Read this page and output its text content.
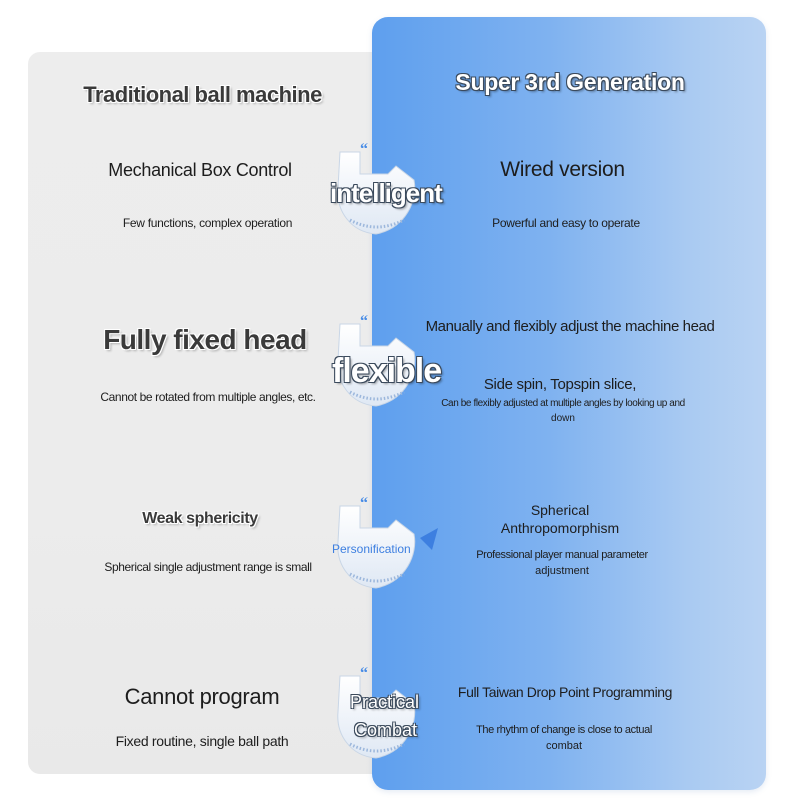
Traditional ball machine	Super 3rd Generation
Mechanical Box Control
Few functions, complex operation
Wired version
Powerful and easy to operate
Fully fixed head
Cannot be rotated from multiple angles, etc.
Manually and flexibly adjust the machine head
Side spin, Topspin slice,
Can be flexibly adjusted at multiple angles by looking up and
down
Weak sphericity
Spherical single adjustment range is small
Spherical
Anthropomorphism
Professional player manual parameter
adjustment
Cannot program
Fixed routine, single ball path
Full Taiwan Drop Point Programming
The rhythm of change is close to actual
combat
“
intelligent
“
flexible
“
Personification
“
Practical
Combat
